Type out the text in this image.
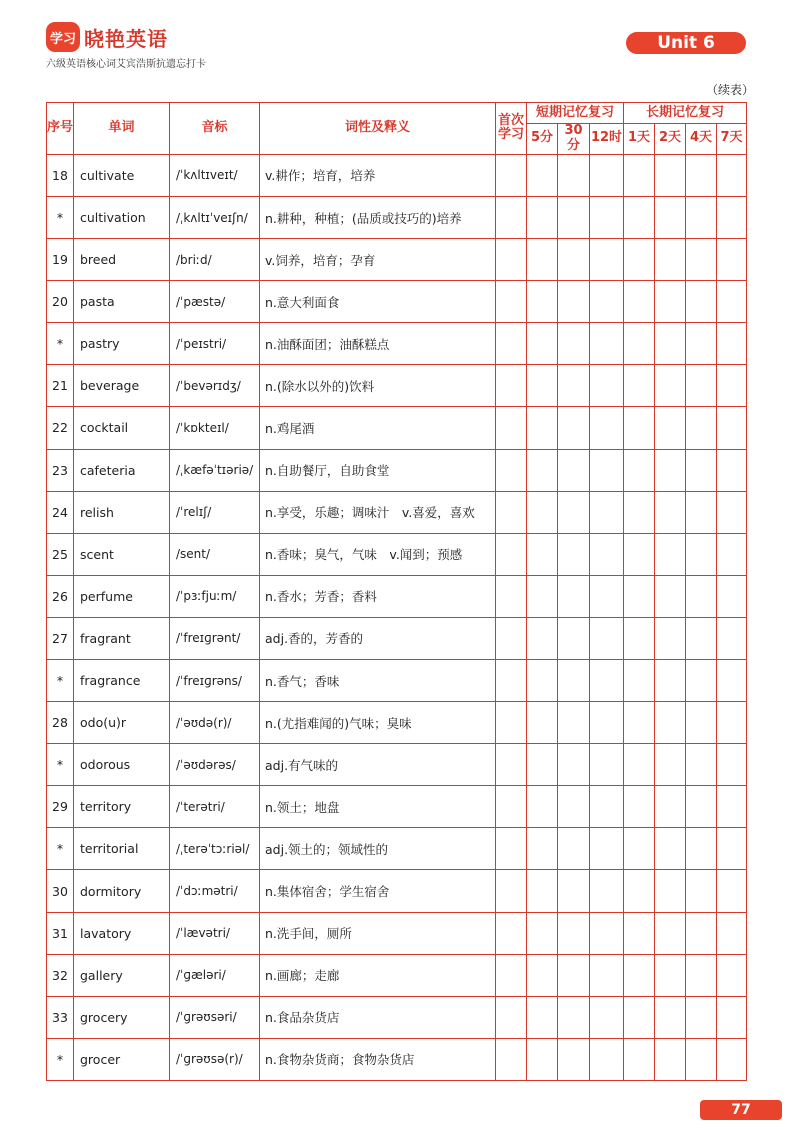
学习 晓艳英语
六级英语核心词艾宾浩斯抗遗忘打卡
Unit 6
（续表）
序号	单词	音标	词性及释义	首次学习	短期记忆复习			长期记忆复习			
					5分	30分	12时	1天	2天	4天	7天
18	cultivate	/ˈkʌltɪveɪt/	v.耕作；培育，培养								
*	cultivation	/ˌkʌltɪˈveɪʃn/	n.耕种，种植；(品质或技巧的)培养								
19	breed	/briːd/	v.饲养，培育；孕育								
20	pasta	/ˈpæstə/	n.意大利面食								
*	pastry	/ˈpeɪstri/	n.油酥面团；油酥糕点								
21	beverage	/ˈbevərɪdʒ/	n.(除水以外的)饮料								
22	cocktail	/ˈkɒkteɪl/	n.鸡尾酒								
23	cafeteria	/ˌkæfəˈtɪəriə/	n.自助餐厅，自助食堂								
24	relish	/ˈrelɪʃ/	n.享受，乐趣；调味汁　v.喜爱，喜欢								
25	scent	/sent/	n.香味；臭气，气味　v.闻到；预感								
26	perfume	/ˈpɜːfjuːm/	n.香水；芳香；香料								
27	fragrant	/ˈfreɪɡrənt/	adj.香的，芳香的								
*	fragrance	/ˈfreɪɡrəns/	n.香气；香味								
28	odo(u)r	/ˈəʊdə(r)/	n.(尤指难闻的)气味；臭味								
*	odorous	/ˈəʊdərəs/	adj.有气味的								
29	territory	/ˈterətri/	n.领土；地盘								
*	territorial	/ˌterəˈtɔːriəl/	adj.领土的；领域性的								
30	dormitory	/ˈdɔːmətri/	n.集体宿舍；学生宿舍								
31	lavatory	/ˈlævətri/	n.洗手间，厕所								
32	gallery	/ˈɡæləri/	n.画廊；走廊								
33	grocery	/ˈɡrəʊsəri/	n.食品杂货店								
*	grocer	/ˈɡrəʊsə(r)/	n.食物杂货商；食物杂货店								
77
